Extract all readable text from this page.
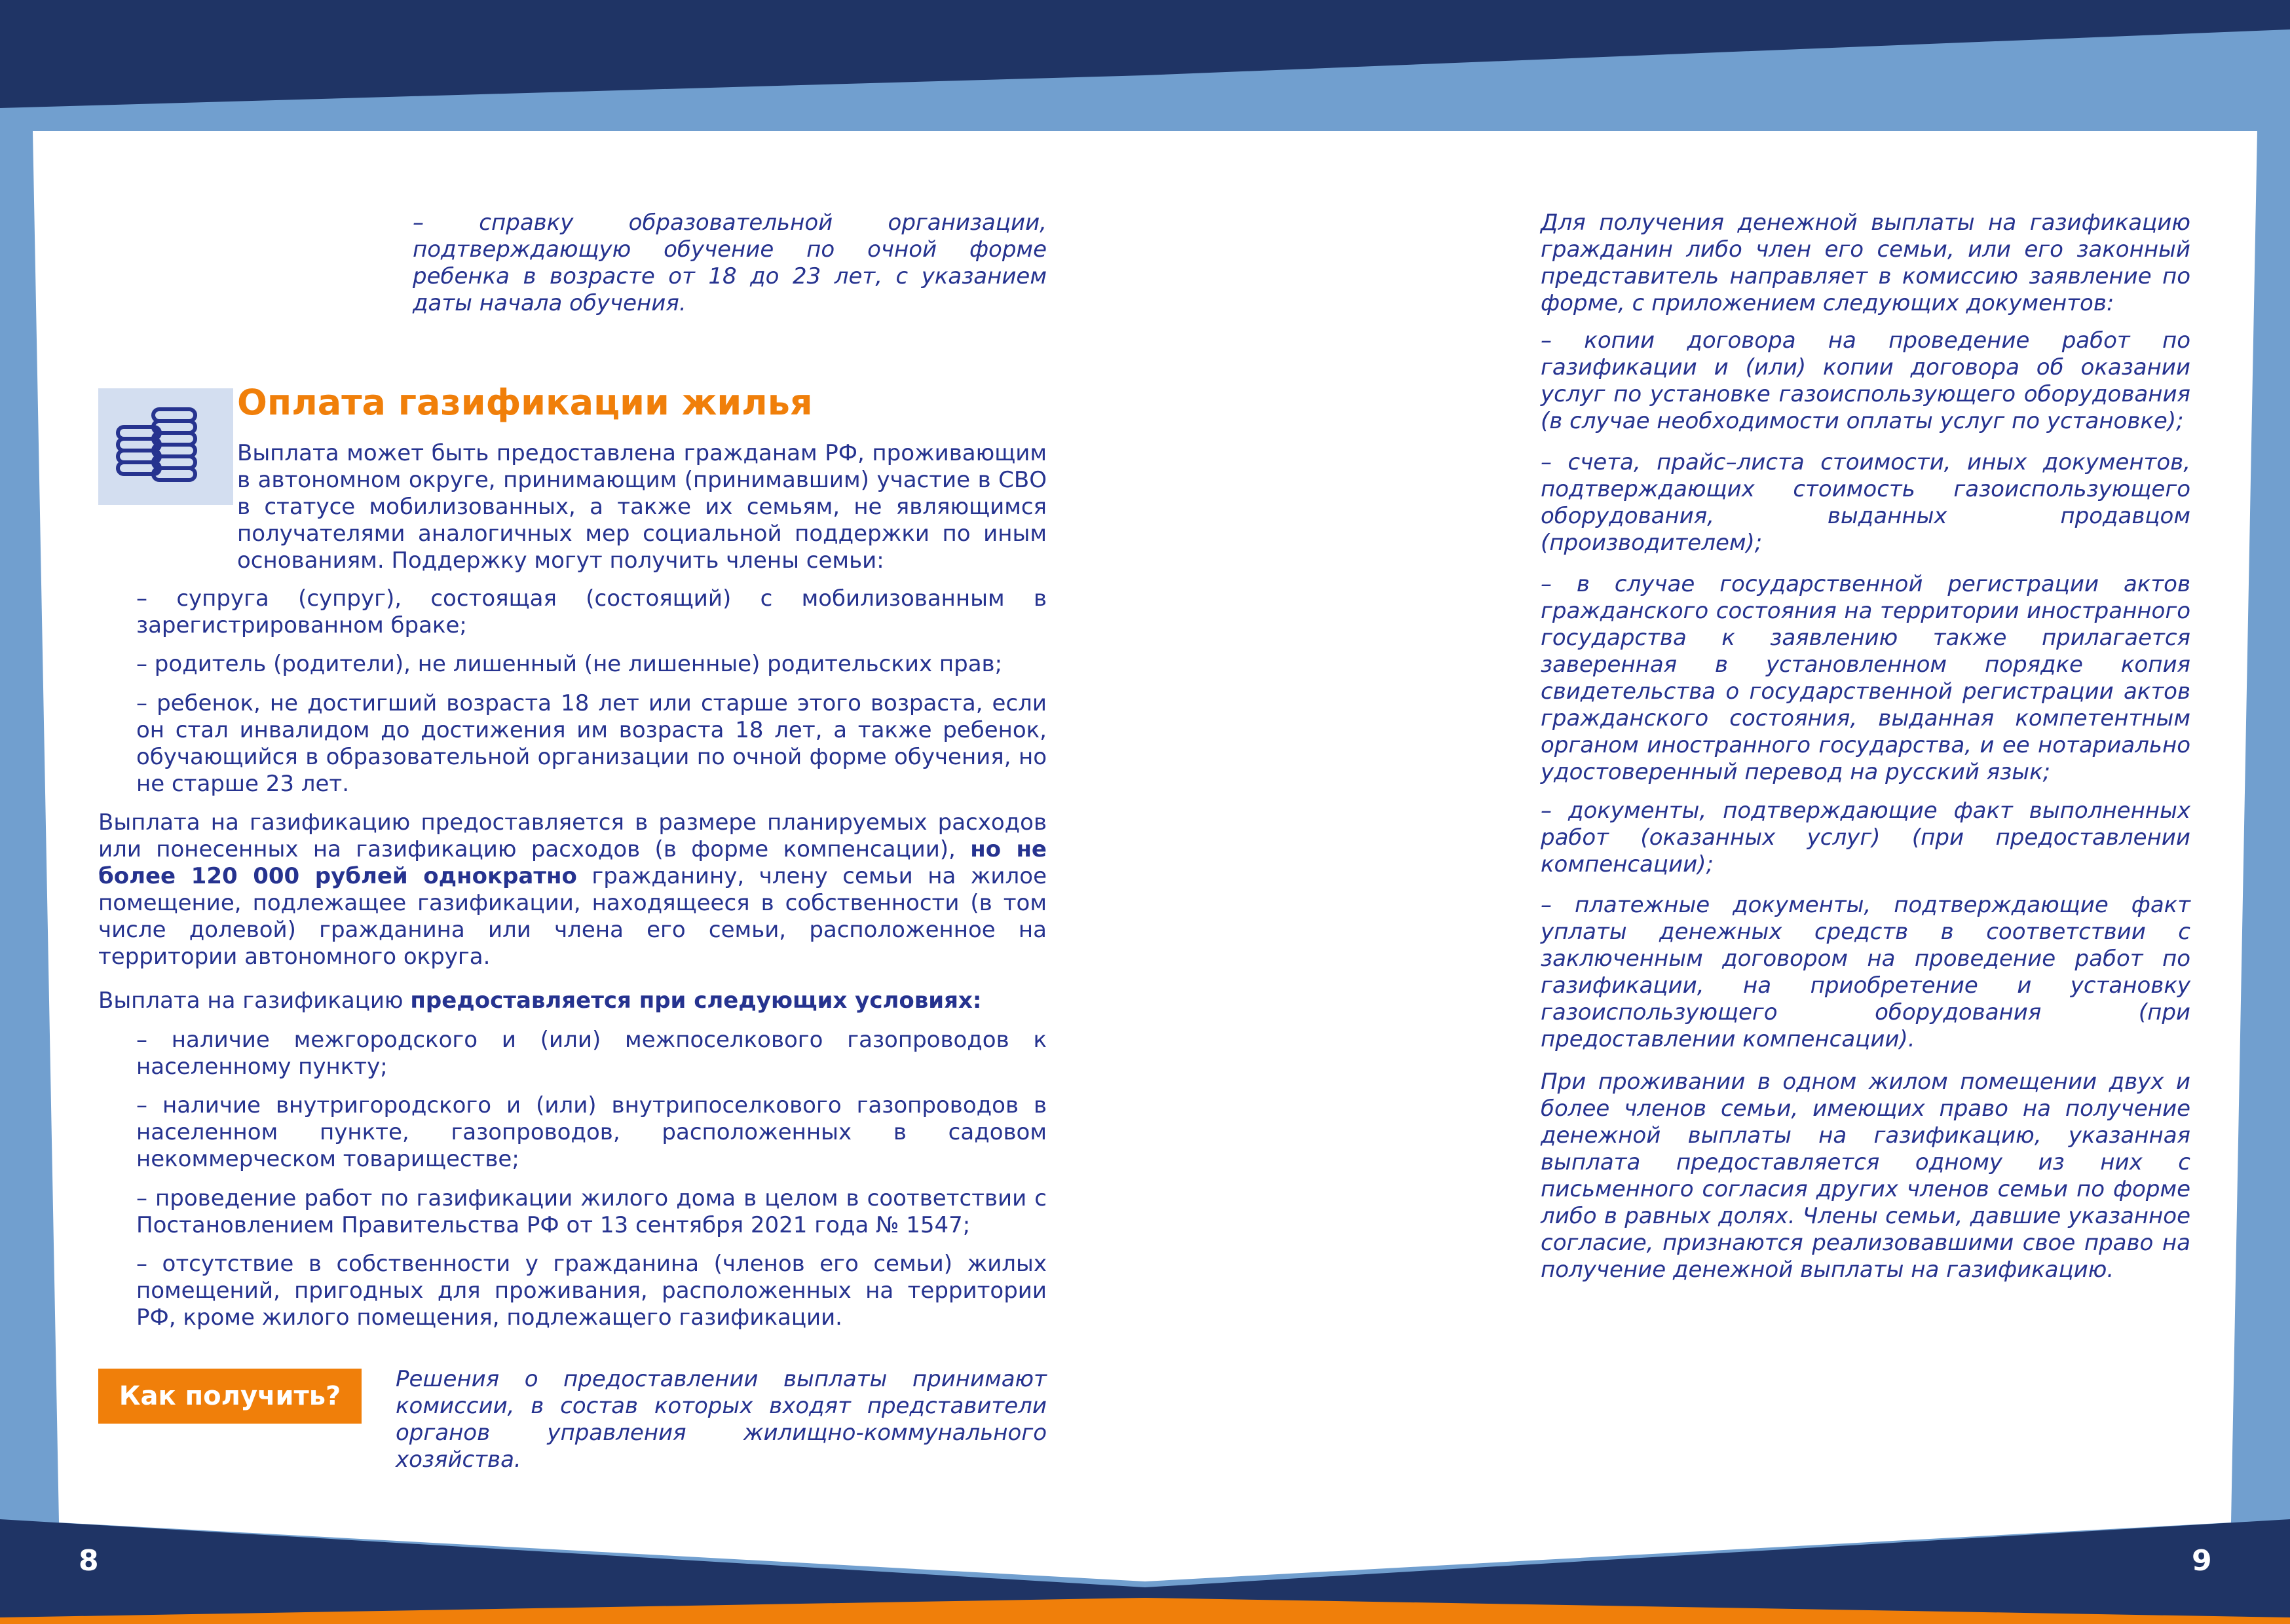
– справку образовательной организации, подтверждающую обучение по очной форме ребенка в возрасте от 18 до 23 лет, с указанием даты начала обучения.

Оплата газификации жилья

Выплата может быть предоставлена гражданам РФ, проживающим в автономном округе, принимающим (принимавшим) участие в СВО в статусе мобилизованных, а также их семьям, не являющимся получателями аналогичных мер социальной поддержки по иным основаниям. Поддержку могут получить члены семьи:

– супруга (супруг), состоящая (состоящий) с мобилизованным в зарегистрированном браке;

– родитель (родители), не лишенный (не лишенные) родительских прав;

– ребенок, не достигший возраста 18 лет или старше этого возраста, если он стал инвалидом до достижения им возраста 18 лет, а также ребенок, обучающийся в образовательной организации по очной форме обучения, но не старше 23 лет.

Выплата на газификацию предоставляется в размере планируемых расходов или понесенных на газификацию расходов (в форме компенсации), но не более 120 000 рублей однократно гражданину, члену семьи на жилое помещение, подлежащее газификации, находящееся в собственности (в том числе долевой) гражданина или члена его семьи, расположенное на территории автономного округа.

Выплата на газификацию предоставляется при следующих условиях:

– наличие межгородского и (или) межпоселкового газопроводов к населенному пункту;

– наличие внутригородского и (или) внутрипоселкового газопроводов в населенном пункте, газопроводов, расположенных в садовом некоммерческом товариществе;

– проведение работ по газификации жилого дома в целом в соответствии с Постановлением Правительства РФ от 13 сентября 2021 года № 1547;

– отсутствие в собственности у гражданина (членов его семьи) жилых помещений, пригодных для проживания, расположенных на территории РФ, кроме жилого помещения, подлежащего газификации.

Как получить?

Решения о предоставлении выплаты принимают комиссии, в состав которых входят представители органов управления жилищно-коммунального хозяйства.

8

Для получения денежной выплаты на газификацию гражданин либо член его семьи, или его законный представитель направляет в комиссию заявление по форме, с приложением следующих документов:

– копии договора на проведение работ по газификации и (или) копии договора об оказании услуг по установке газоиспользующего оборудования (в случае необходимости оплаты услуг по установке);

– счета, прайс–листа стоимости, иных документов, подтверждающих стоимость газоиспользующего оборудования, выданных продавцом (производителем);

– в случае государственной регистрации актов гражданского состояния на территории иностранного государства к заявлению также прилагается заверенная в установленном порядке копия свидетельства о государственной регистрации актов гражданского состояния, выданная компетентным органом иностранного государства, и ее нотариально удостоверенный перевод на русский язык;

– документы, подтверждающие факт выполненных работ (оказанных услуг) (при предоставлении компенсации);

– платежные документы, подтверждающие факт уплаты денежных средств в соответствии с заключенным договором на проведение работ по газификации, на приобретение и установку газоиспользующего оборудования (при предоставлении компенсации).

При проживании в одном жилом помещении двух и более членов семьи, имеющих право на получение денежной выплаты на газификацию, указанная выплата предоставляется одному из них с письменного согласия других членов семьи по форме либо в равных долях. Члены семьи, давшие указанное согласие, признаются реализовавшими свое право на получение денежной выплаты на газификацию.

9
